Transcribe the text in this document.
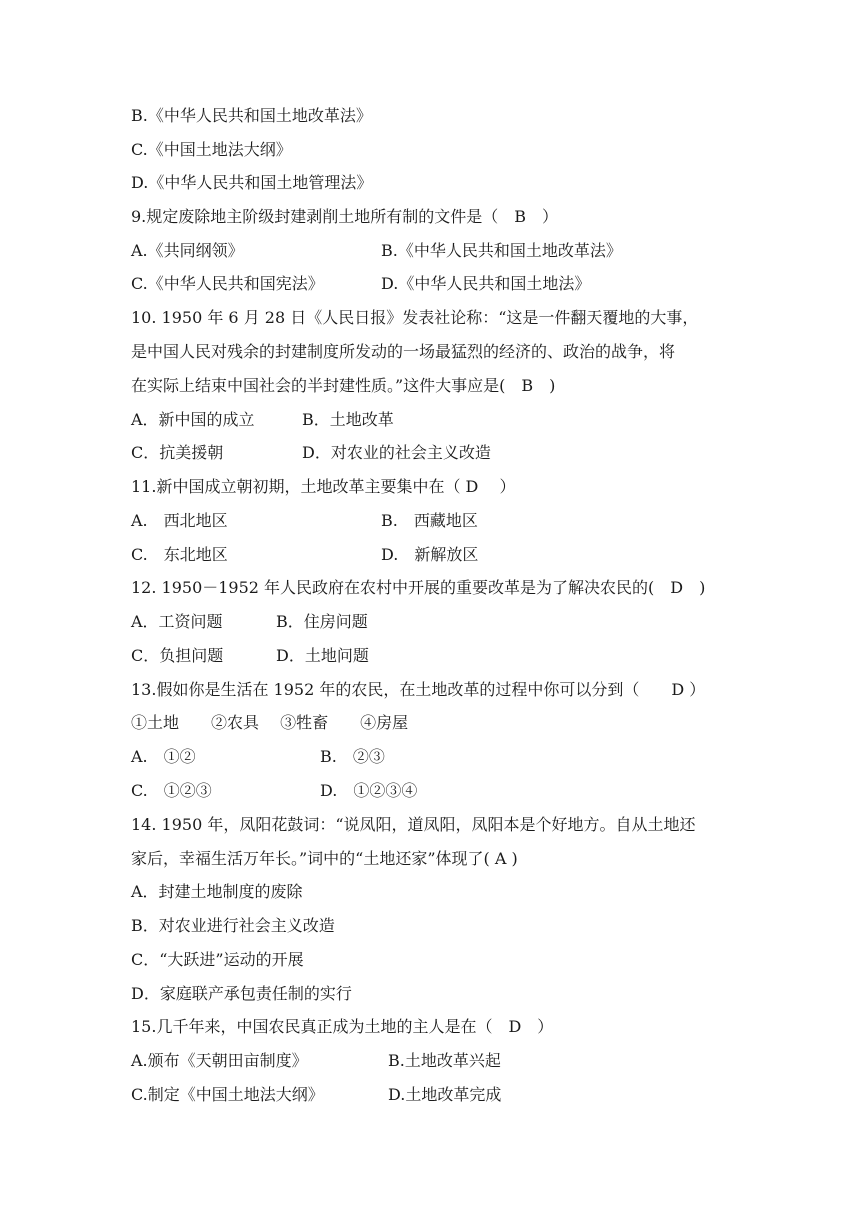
B.《中华人民共和国土地改革法》
C.《中国土地法大纲》
D.《中华人民共和国土地管理法》
9.规定废除地主阶级封建剥削土地所有制的文件是（　B　）
A.《共同纲领》	B.《中华人民共和国土地改革法》
C.《中华人民共和国宪法》	D.《中华人民共和国土地法》
10. 1950 年 6 月 28 日《人民日报》发表社论称：“这是一件翻天覆地的大事，
是中国人民对残余的封建制度所发动的一场最猛烈的经济的、政治的战争，将
在实际上结束中国社会的半封建性质。”这件大事应是(　B　)
A．新中国的成立	B．土地改革
C．抗美援朝	D．对农业的社会主义改造
11.新中国成立朝初期，土地改革主要集中在（ D　 ）
A.　西北地区	B.　西藏地区
C.　东北地区	D.　新解放区
12. 1950－1952 年人民政府在农村中开展的重要改革是为了解决农民的(　D　)
A．工资问题	B．住房问题
C．负担问题	D．土地问题
13.假如你是生活在 1952 年的农民，在土地改革的过程中你可以分到（　　D ）
①土地　　②农具　 ③牲畜　　④房屋
A.　①②	B.　②③
C.　①②③	D.　①②③④
14. 1950 年，凤阳花鼓词：“说凤阳，道凤阳，凤阳本是个好地方。自从土地还
家后，幸福生活万年长。”词中的“土地还家”体现了( A )
A．封建土地制度的废除
B．对农业进行社会主义改造
C．“大跃进”运动的开展
D．家庭联产承包责任制的实行
15.几千年来，中国农民真正成为土地的主人是在（　D　）
A.颁布《天朝田亩制度》	B.土地改革兴起
C.制定《中国土地法大纲》	D.土地改革完成
